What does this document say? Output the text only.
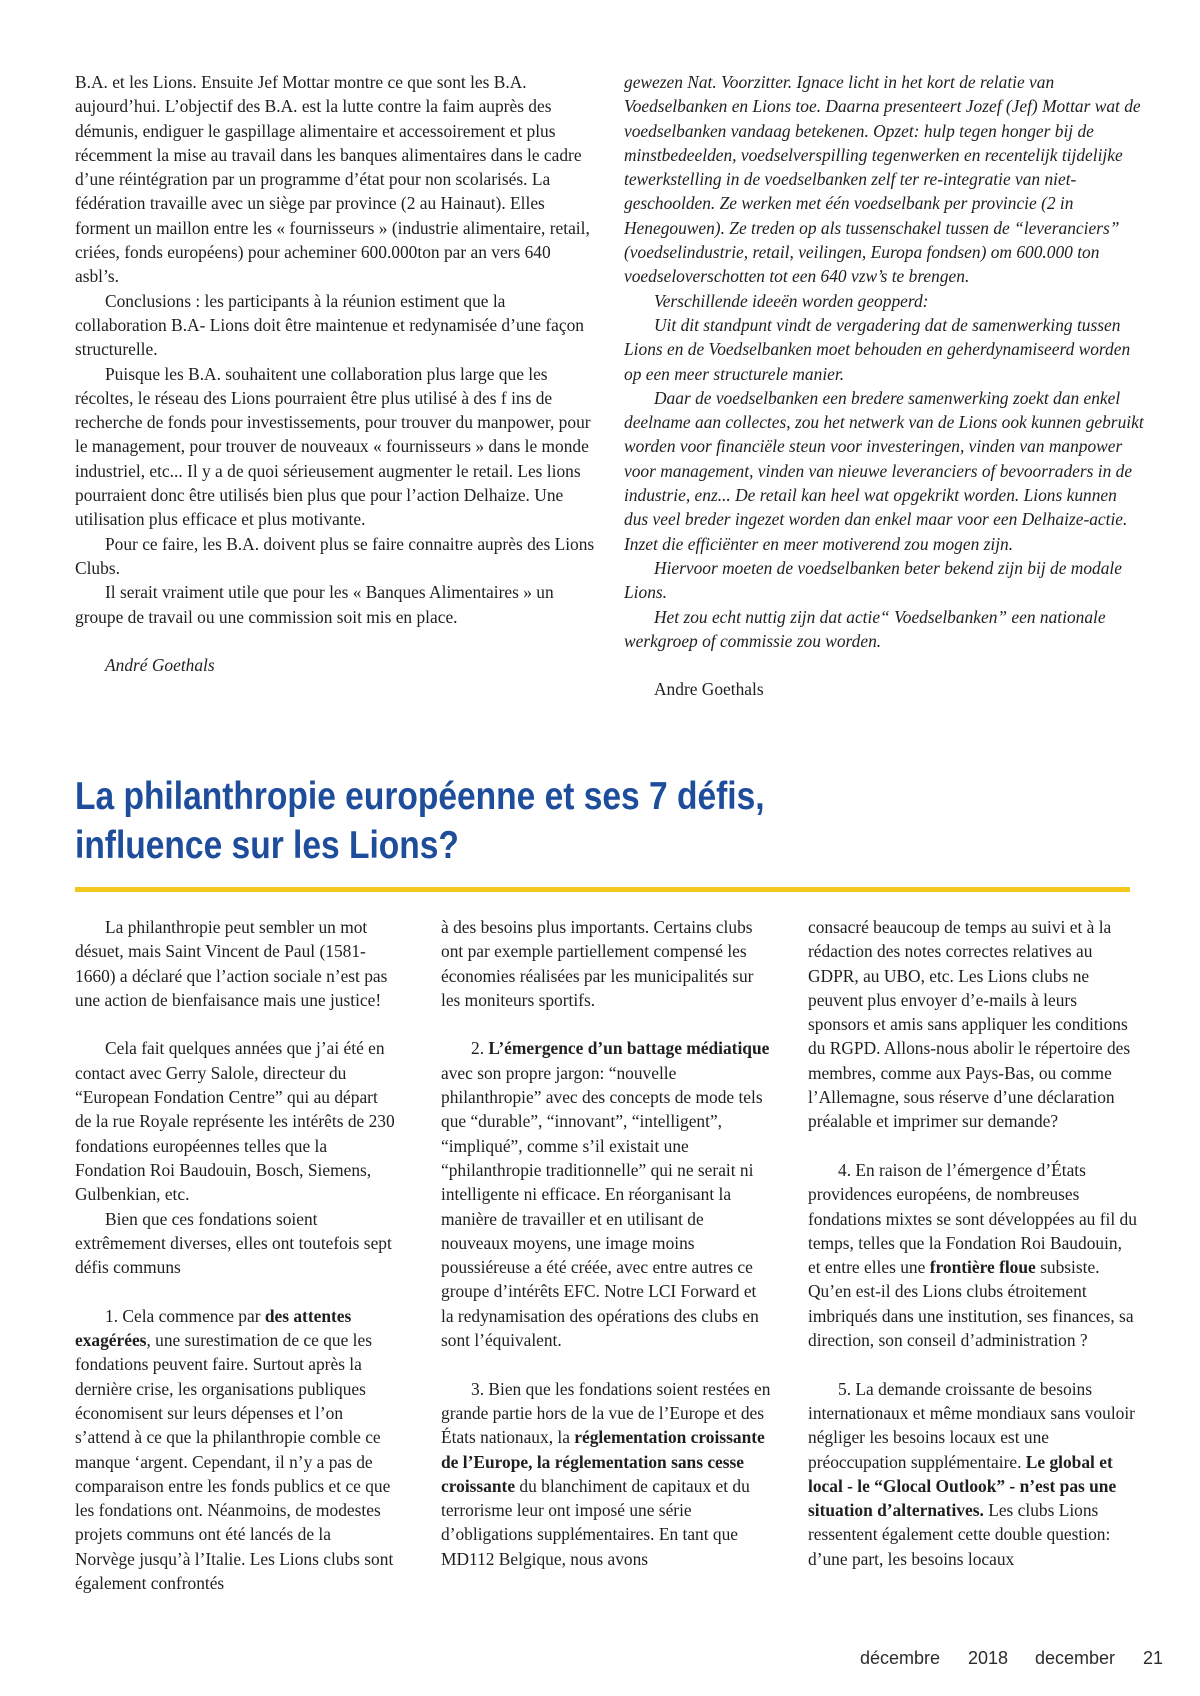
B.A. et les Lions. Ensuite Jef Mottar montre ce que sont les B.A. aujourd’hui. L’objectif des B.A. est la lutte contre la faim auprès des démunis, endiguer le gaspillage alimentaire et accessoirement et plus récemment la mise au travail dans les banques alimentaires dans le cadre d’une réintégration par un programme d’état pour non scolarisés. La fédération travaille avec un siège par province (2 au Hainaut). Elles forment un maillon entre les « fournisseurs » (industrie alimentaire, retail, criées, fonds européens) pour acheminer 600.000ton par an vers 640 asbl’s.

Conclusions : les participants à la réunion estiment que la collaboration B.A- Lions doit être maintenue et redynamisée d’une façon structurelle.

Puisque les B.A. souhaitent une collaboration plus large que les récoltes, le réseau des Lions pourraient être plus utilisé à des f ins de recherche de fonds pour investissements, pour trouver du manpower, pour le management, pour trouver de nouveaux « fournisseurs » dans le monde industriel, etc... Il y a de quoi sérieusement augmenter le retail. Les lions pourraient donc être utilisés bien plus que pour l’action Delhaize. Une utilisation plus efficace et plus motivante.

Pour ce faire, les B.A. doivent plus se faire connaitre auprès des Lions Clubs.

Il serait vraiment utile que pour les « Banques Alimentaires » un groupe de travail ou une commission soit mis en place.

André Goethals

gewezen Nat. Voorzitter. Ignace licht in het kort de relatie van Voedselbanken en Lions toe. Daarna presenteert Jozef (Jef) Mottar wat de voedselbanken vandaag betekenen. Opzet: hulp tegen honger bij de minstbedeelden, voedselverspilling tegenwerken en recentelijk tijdelijke tewerkstelling in de voedselbanken zelf ter re-integratie van niet-geschoolden. Ze werken met één voedselbank per provincie (2 in Henegouwen). Ze treden op als tussenschakel tussen de “leveranciers” (voedselindustrie, retail, veilingen, Europa fondsen) om 600.000 ton voedseloverschotten tot een 640 vzw’s te brengen.

Verschillende ideeën worden geopperd:

Uit dit standpunt vindt de vergadering dat de samenwerking tussen Lions en de Voedselbanken moet behouden en geherdynamiseerd worden op een meer structurele manier.

Daar de voedselbanken een bredere samenwerking zoekt dan enkel deelname aan collectes, zou het netwerk van de Lions ook kunnen gebruikt worden voor financiële steun voor investeringen, vinden van manpower voor management, vinden van nieuwe leveranciers of bevoorraders in de industrie, enz... De retail kan heel wat opgekrikt worden. Lions kunnen dus veel breder ingezet worden dan enkel maar voor een Delhaize-actie. Inzet die efficiënter en meer motiverend zou mogen zijn.

Hiervoor moeten de voedselbanken beter bekend zijn bij de modale Lions.

Het zou echt nuttig zijn dat actie“ Voedselbanken” een nationale werkgroep of commissie zou worden.

Andre Goethals

La philanthropie européenne et ses 7 défis,
influence sur les Lions?

La philanthropie peut sembler un mot désuet, mais Saint Vincent de Paul (1581-1660) a déclaré que l’action sociale n’est pas une action de bienfaisance mais une justice!

Cela fait quelques années que j’ai été en contact avec Gerry Salole, directeur du “European Fondation Centre” qui au départ de la rue Royale représente les intérêts de 230 fondations européennes telles que la Fondation Roi Baudouin, Bosch, Siemens, Gulbenkian, etc.

Bien que ces fondations soient extrêmement diverses, elles ont toutefois sept défis communs

1. Cela commence par des attentes exagérées, une surestimation de ce que les fondations peuvent faire. Surtout après la dernière crise, les organisations publiques économisent sur leurs dépenses et l’on s’attend à ce que la philanthropie comble ce manque ‘argent. Cependant, il n’y a pas de comparaison entre les fonds publics et ce que les fondations ont. Néanmoins, de modestes projets communs ont été lancés de la Norvège jusqu’à l’Italie. Les Lions clubs sont également confrontés

à des besoins plus importants. Certains clubs ont par exemple partiellement compensé les économies réalisées par les municipalités sur les moniteurs sportifs.

2. L’émergence d’un battage médiatique avec son propre jargon: “nouvelle philanthropie” avec des concepts de mode tels que “durable”, “innovant”, “intelligent”, “impliqué”, comme s’il existait une “philanthropie traditionnelle” qui ne serait ni intelligente ni efficace. En réorganisant la manière de travailler et en utilisant de nouveaux moyens, une image moins poussiéreuse a été créée, avec entre autres ce groupe d’intérêts EFC. Notre LCI Forward et la redynamisation des opérations des clubs en sont l’équivalent.

3. Bien que les fondations soient restées en grande partie hors de la vue de l’Europe et des États nationaux, la réglementation croissante de l’Europe, la réglementation sans cesse croissante du blanchiment de capitaux et du terrorisme leur ont imposé une série d’obligations supplémentaires. En tant que MD112 Belgique, nous avons

consacré beaucoup de temps au suivi et à la rédaction des notes correctes relatives au GDPR, au UBO, etc. Les Lions clubs ne peuvent plus envoyer d’e-mails à leurs sponsors et amis sans appliquer les conditions du RGPD. Allons-nous abolir le répertoire des membres, comme aux Pays-Bas, ou comme l’Allemagne, sous réserve d’une déclaration préalable et imprimer sur demande?

4. En raison de l’émergence d’États providences européens, de nombreuses fondations mixtes se sont développées au fil du temps, telles que la Fondation Roi Baudouin, et entre elles une frontière floue subsiste. Qu’en est-il des Lions clubs étroitement imbriqués dans une institution, ses finances, sa direction, son conseil d’administration ?

5. La demande croissante de besoins internationaux et même mondiaux sans vouloir négliger les besoins locaux est une préoccupation supplémentaire. Le global et local - le “Glocal Outlook” - n’est pas une situation d’alternatives. Les clubs Lions ressentent également cette double question: d’une part, les besoins locaux

décembre 2018 december 21
